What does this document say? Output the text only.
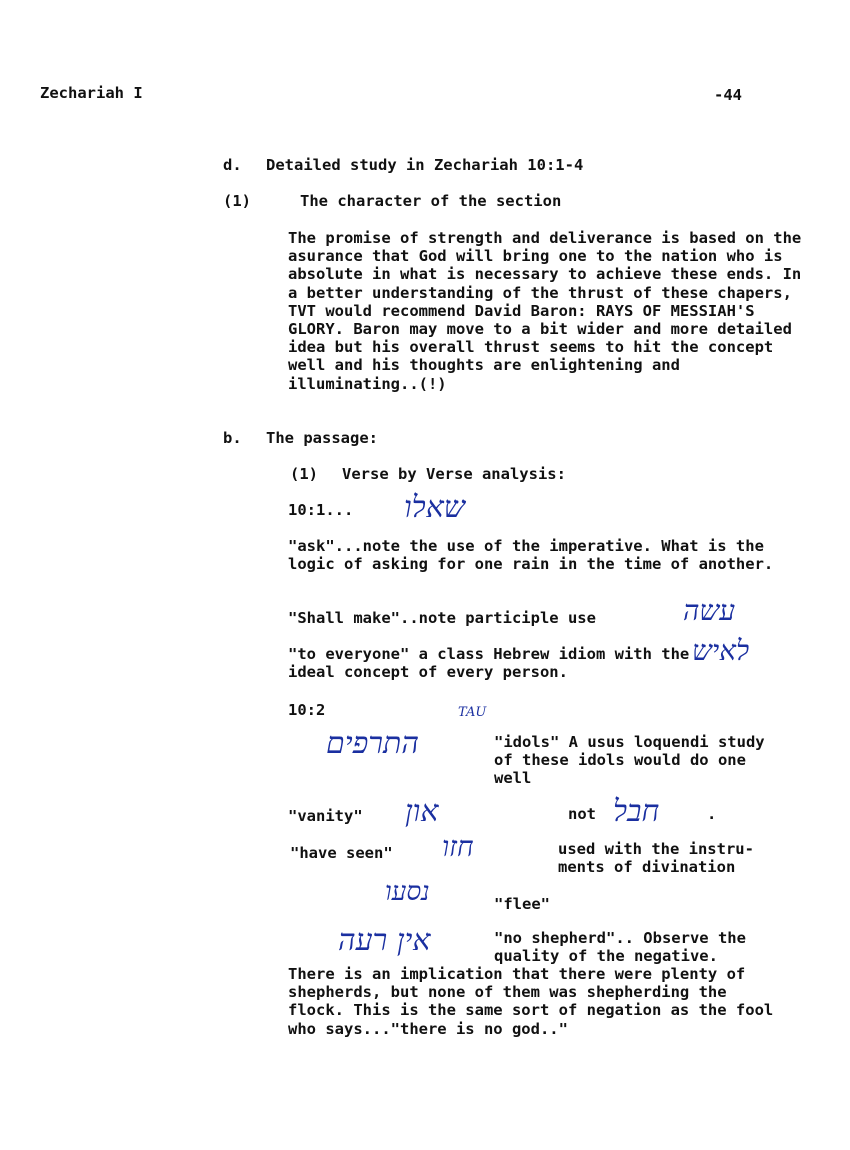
Zechariah I	-44
d. Detailed study in Zechariah 10:1-4
(1)	The character of the section
The promise of strength and deliverance is based on the asurance that God will bring one to the nation who is absolute in what is necessary to achieve these ends. In a better understanding of the thrust of these chapers, TVT would recommend David Baron: RAYS OF MESSIAH'S GLORY. Baron may move to a bit wider and more detailed idea but his overall thrust seems to hit the concept well and his thoughts are enlightening and illuminating..(!)
b. The passage:
(1) Verse by Verse analysis:
10:1... שאלו
"ask"...note the use of the imperative. What is the logic of asking for one rain in the time of another.
"Shall make"..note participle use	עשה
"to everyone" a class Hebrew idiom with the ideal concept of every person.
לאיש
10:2	TAU
התרפים	"idols" A usus loquendi study of these idols would do one well
"vanity" און	not חבל	.
"have seen" חזו	used with the instru- ments of divination
נסעו	"flee"
אין רעה	"no shepherd".. Observe the quality of the negative.
There is an implication that there were plenty of shepherds, but none of them was shepherding the flock. This is the same sort of negation as the fool who says..."there is no god.."
